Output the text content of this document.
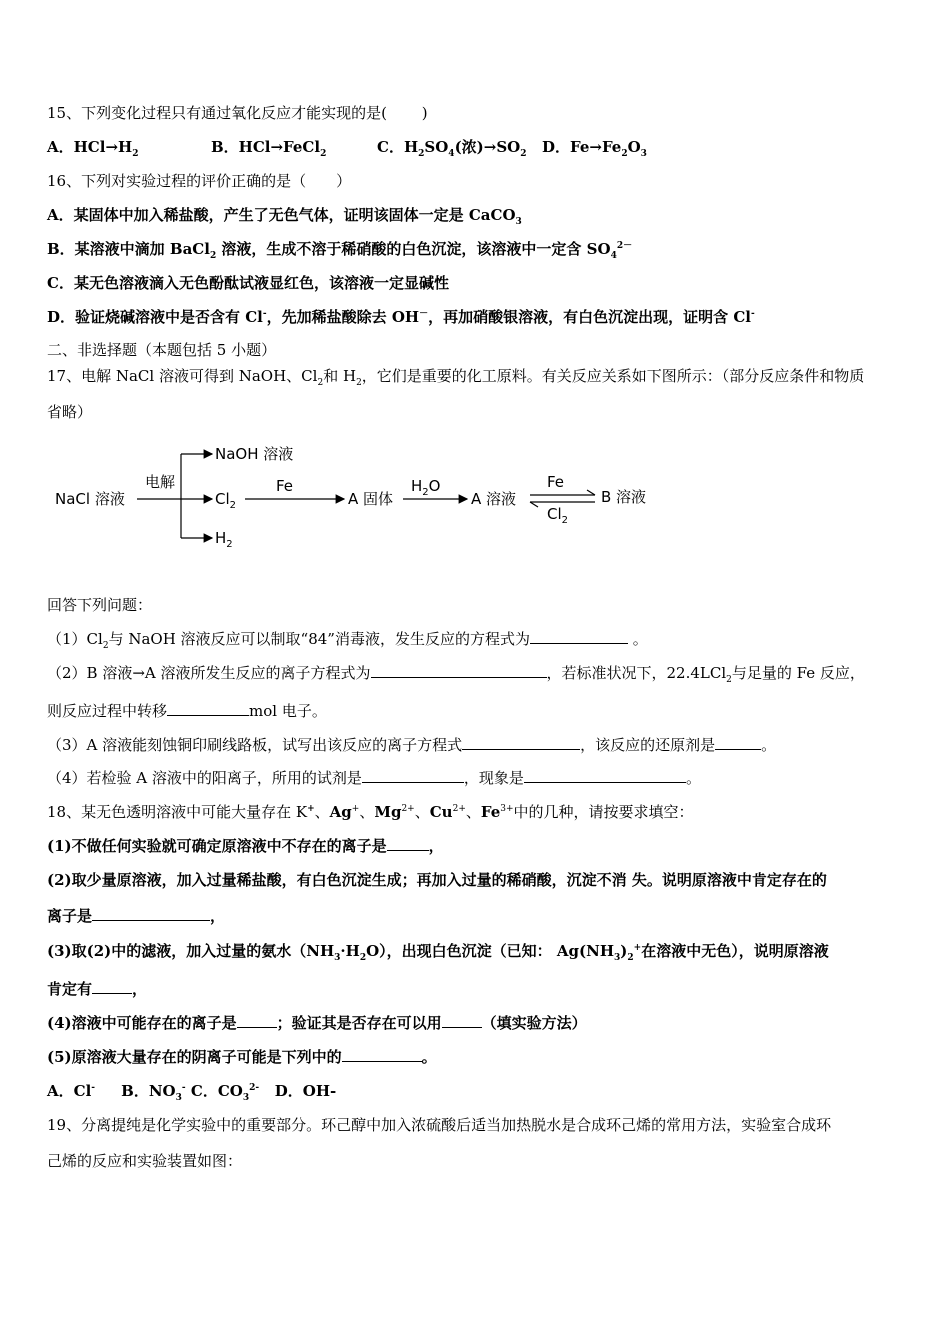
15、下列变化过程只有通过氧化反应才能实现的是(　　 )
A．$HCl\to H_2$	B．HCl→FeCl$_2$	C．$H_2SO_4$(浓)$\to SO_2$ D．$Fe\to Fe_2O_3$
16、下列对实验过程的评价正确的是（　　）
A．某固体中加入稀盐酸，产生了无色气体，证明该固体一定是 CaCO$_3$
B．某溶液中滴加 BaCl$_2$ 溶液，生成不溶于稀硝酸的白色沉淀，该溶液中一定含 $SO_4^{2-}$
C．某无色溶液滴入无色酚酞试液显红色，该溶液一定显碱性
D．验证烧碱溶液中是否含有 Cl-，先加稀盐酸除去 OH－，再加硝酸银溶液，有白色沉淀出现，证明含 Cl-
二、非选择题（本题包括 5 小题）
17、电解 NaCl 溶液可得到 NaOH、$Cl_2$和 $H_2$，它们是重要的化工原料。有关反应关系如下图所示：（部分反应条件和物质
省略）
NaCl 溶液
电解
NaOH 溶液
$Cl_2$
$H_2$
Fe
A 固体
$H_2O$
A 溶液
Fe
$Cl_2$
B 溶液
回答下列问题：
$(1)Cl_2$与 NaOH 溶液反应可以制取“84”消毒液，发生反应的方程式为	。
（2）B 溶液→A 溶液所发生反应的离子方程式为	，若标准状况下，22.4LCl$_2$与足量的 Fe 反应，
则反应过程中转移	mol 电子。
（3）A 溶液能刻蚀铜印刷线路板，试写出该反应的离子方程式	，该反应的还原剂是	。
（4）若检验 A 溶液中的阳离子，所用的试剂是	，现象是	。
18、某无色透明溶液中可能大量存在 K+、Ag+、$Mg^{2+}$、$Cu^{2+}$、$Fe^{3+}$中的几种，请按要求填空：
(1)不做任何实验就可确定原溶液中不存在的离子是	，
(2)取少量原溶液，加入过量稀盐酸，有白色沉淀生成；再加入过量的稀硝酸，沉淀不消 失。说明原溶液中肯定存在的
离子是	，
(3)取(2)中的滤液，加入过量的氨水$(NH_3\cdot H_2O)$，出现白色沉淀（已知： $Ag(NH_3)_2^+$在溶液中无色），说明原溶液
肯定有	，
(4)溶液中可能存在的离子是	；验证其是否存在可以用	（填实验方法）
(5)原溶液大量存在的阴离子可能是下列中的	。
A．Cl- B．$NO_3^-$ C．$CO_3^{2-}$ D．OH-
19、分离提纯是化学实验中的重要部分。环己醇中加入浓硫酸后适当加热脱水是合成环己烯的常用方法，实验室合成环
己烯的反应和实验装置如图：
